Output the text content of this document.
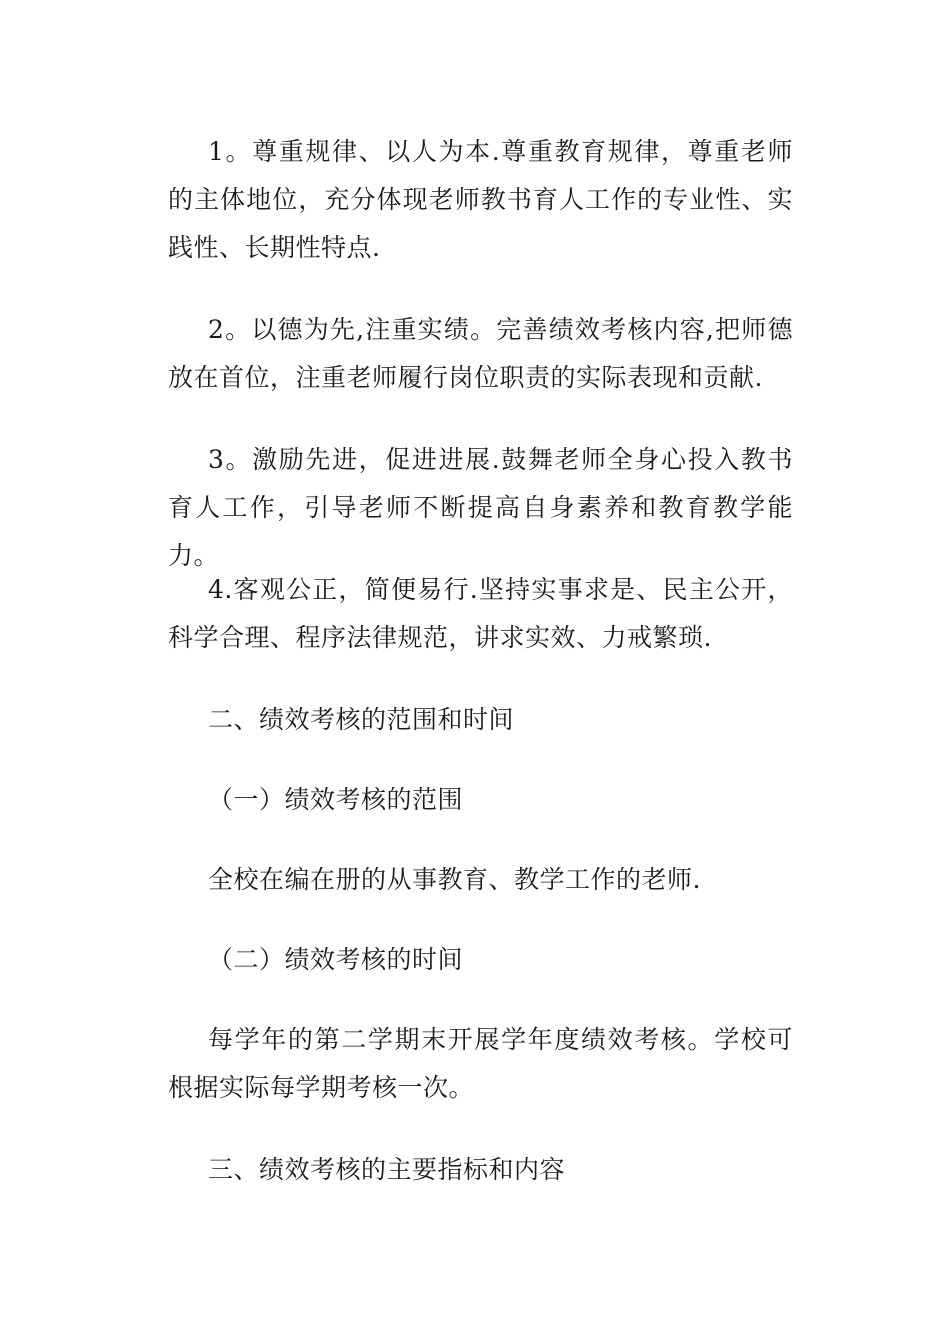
1。尊重规律、以人为本.尊重教育规律，尊重老师的主体地位，充分体现老师教书育人工作的专业性、实践性、长期性特点.

2。以德为先,注重实绩。完善绩效考核内容,把师德放在首位，注重老师履行岗位职责的实际表现和贡献.

3。激励先进，促进进展.鼓舞老师全身心投入教书育人工作，引导老师不断提高自身素养和教育教学能力。

4.客观公正，简便易行.坚持实事求是、民主公开，科学合理、程序法律规范，讲求实效、力戒繁琐.

二、绩效考核的范围和时间

（一）绩效考核的范围

全校在编在册的从事教育、教学工作的老师.

（二）绩效考核的时间

每学年的第二学期末开展学年度绩效考核。学校可根据实际每学期考核一次。

三、绩效考核的主要指标和内容
